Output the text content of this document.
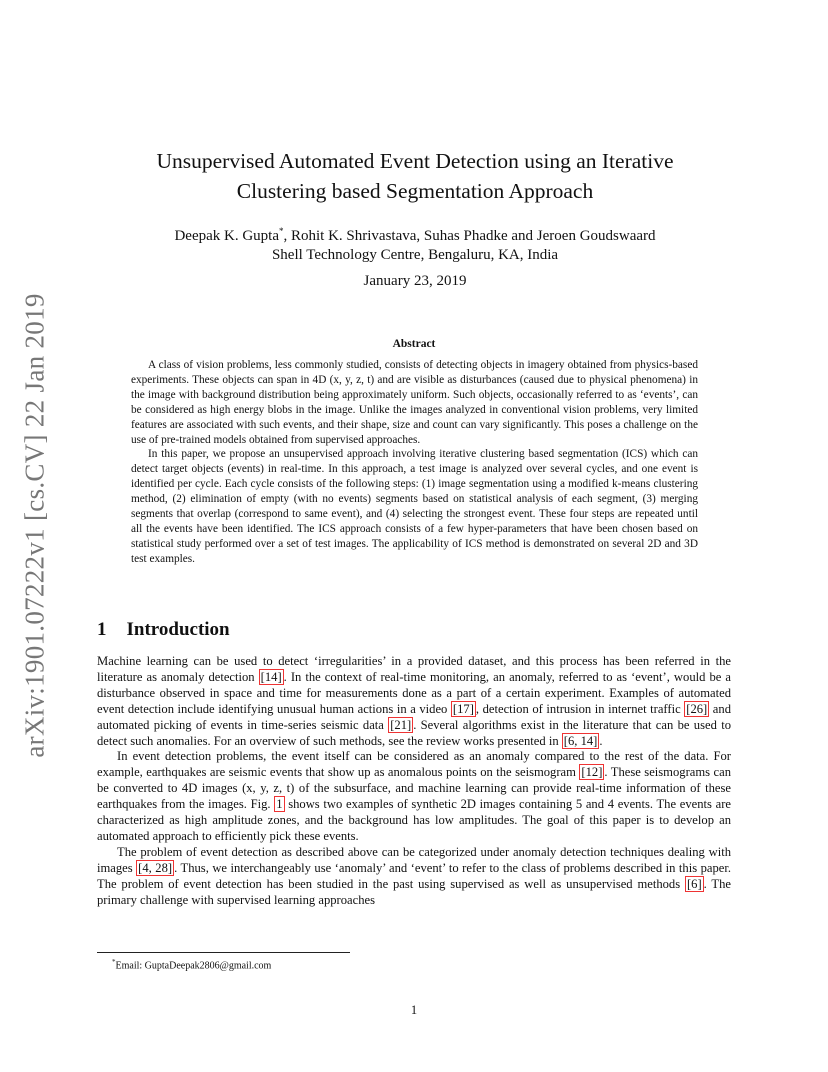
arXiv:1901.07222v1 [cs.CV] 22 Jan 2019
Unsupervised Automated Event Detection using an Iterative
Clustering based Segmentation Approach
Deepak K. Gupta*, Rohit K. Shrivastava, Suhas Phadke and Jeroen Goudswaard
Shell Technology Centre, Bengaluru, KA, India
January 23, 2019
Abstract

A class of vision problems, less commonly studied, consists of detecting objects in imagery obtained from physics-based experiments. These objects can span in 4D (x, y, z, t) and are visible as disturbances (caused due to physical phenomena) in the image with background distribution being approximately uniform. Such objects, occasionally referred to as ‘events’, can be considered as high energy blobs in the image. Unlike the images analyzed in conventional vision problems, very limited features are associated with such events, and their shape, size and count can vary significantly. This poses a challenge on the use of pre-trained models obtained from supervised approaches.

In this paper, we propose an unsupervised approach involving iterative clustering based segmentation (ICS) which can detect target objects (events) in real-time. In this approach, a test image is analyzed over several cycles, and one event is identified per cycle. Each cycle consists of the following steps: (1) image segmentation using a modified k-means clustering method, (2) elimination of empty (with no events) segments based on statistical analysis of each segment, (3) merging segments that overlap (correspond to same event), and (4) selecting the strongest event. These four steps are repeated until all the events have been identified. The ICS approach consists of a few hyper-parameters that have been chosen based on statistical study performed over a set of test images. The applicability of ICS method is demonstrated on several 2D and 3D test examples.

1 Introduction

Machine learning can be used to detect ‘irregularities’ in a provided dataset, and this process has been referred in the literature as anomaly detection [14] . In the context of real-time monitoring, an anomaly, referred to as ‘event’, would be a disturbance observed in space and time for measurements done as a part of a certain experiment. Examples of automated event detection include identifying unusual human actions in a video [17] , detection of intrusion in internet traffic [26] and automated picking of events in time-series seismic data [21] . Several algorithms exist in the literature that can be used to detect such anomalies. For an overview of such methods, see the review works presented in [6, 14] .

In event detection problems, the event itself can be considered as an anomaly compared to the rest of the data. For example, earthquakes are seismic events that show up as anomalous points on the seismogram [12] . These seismograms can be converted to 4D images (x, y, z, t) of the subsurface, and machine learning can provide real-time information of these earthquakes from the images. Fig. 1 shows two examples of synthetic 2D images containing 5 and 4 events. The events are characterized as high amplitude zones, and the background has low amplitudes. The goal of this paper is to develop an automated approach to efficiently pick these events.

The problem of event detection as described above can be categorized under anomaly detection techniques dealing with images [4, 28] . Thus, we interchangeably use ‘anomaly’ and ‘event’ to refer to the class of problems described in this paper. The problem of event detection has been studied in the past using supervised as well as unsupervised methods [6] . The primary challenge with supervised learning approaches

*Email: GuptaDeepak2806@gmail.com
1
